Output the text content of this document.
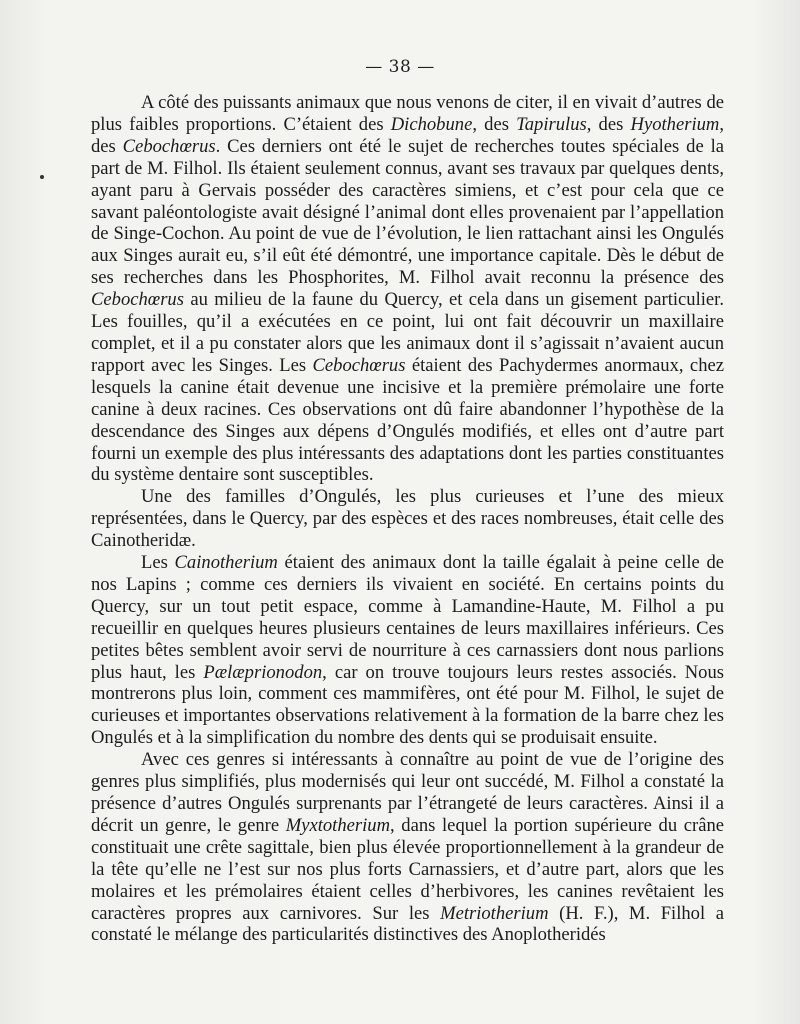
— 38 —

A côté des puissants animaux que nous venons de citer, il en vivait d’autres de plus faibles proportions. C’étaient des Dichobune, des Tapirulus, des Hyotherium, des Cebochœrus. Ces derniers ont été le sujet de recherches toutes spéciales de la part de M. Filhol. Ils étaient seulement connus, avant ses travaux par quelques dents, ayant paru à Gervais posséder des caractères simiens, et c’est pour cela que ce savant paléontologiste avait désigné l’animal dont elles provenaient par l’appellation de Singe-Cochon. Au point de vue de l’évolution, le lien rattachant ainsi les Ongulés aux Singes aurait eu, s’il eût été démontré, une importance capitale. Dès le début de ses recherches dans les Phosphorites, M. Filhol avait reconnu la présence des Cebochœrus au milieu de la faune du Quercy, et cela dans un gisement particulier. Les fouilles, qu’il a exécutées en ce point, lui ont fait découvrir un maxillaire complet, et il a pu constater alors que les animaux dont il s’agissait n’avaient aucun rapport avec les Singes. Les Cebochœrus étaient des Pachydermes anormaux, chez lesquels la canine était devenue une incisive et la première prémolaire une forte canine à deux racines. Ces observations ont dû faire abandonner l’hypothèse de la descendance des Singes aux dépens d’Ongulés modifiés, et elles ont d’autre part fourni un exemple des plus intéressants des adaptations dont les parties constituantes du système dentaire sont susceptibles.

Une des familles d’Ongulés, les plus curieuses et l’une des mieux représentées, dans le Quercy, par des espèces et des races nombreuses, était celle des Cainotheridæ.

Les Cainotherium étaient des animaux dont la taille égalait à peine celle de nos Lapins ; comme ces derniers ils vivaient en société. En certains points du Quercy, sur un tout petit espace, comme à Lamandine-Haute, M. Filhol a pu recueillir en quelques heures plusieurs centaines de leurs maxillaires inférieurs. Ces petites bêtes semblent avoir servi de nourriture à ces carnassiers dont nous parlions plus haut, les Pælæprionodon, car on trouve toujours leurs restes associés. Nous montrerons plus loin, comment ces mammifères, ont été pour M. Filhol, le sujet de curieuses et importantes observations relativement à la formation de la barre chez les Ongulés et à la simplification du nombre des dents qui se produisait ensuite.

Avec ces genres si intéressants à connaître au point de vue de l’origine des genres plus simplifiés, plus modernisés qui leur ont succédé, M. Filhol a constaté la présence d’autres Ongulés surprenants par l’étrangeté de leurs caractères. Ainsi il a décrit un genre, le genre Myxtotherium, dans lequel la portion supérieure du crâne constituait une crête sagittale, bien plus élevée proportionnellement à la grandeur de la tête qu’elle ne l’est sur nos plus forts Carnassiers, et d’autre part, alors que les molaires et les prémolaires étaient celles d’herbivores, les canines revêtaient les caractères propres aux carnivores. Sur les Metriotherium (H. F.), M. Filhol a constaté le mélange des particularités distinctives des Anoplotheridés
